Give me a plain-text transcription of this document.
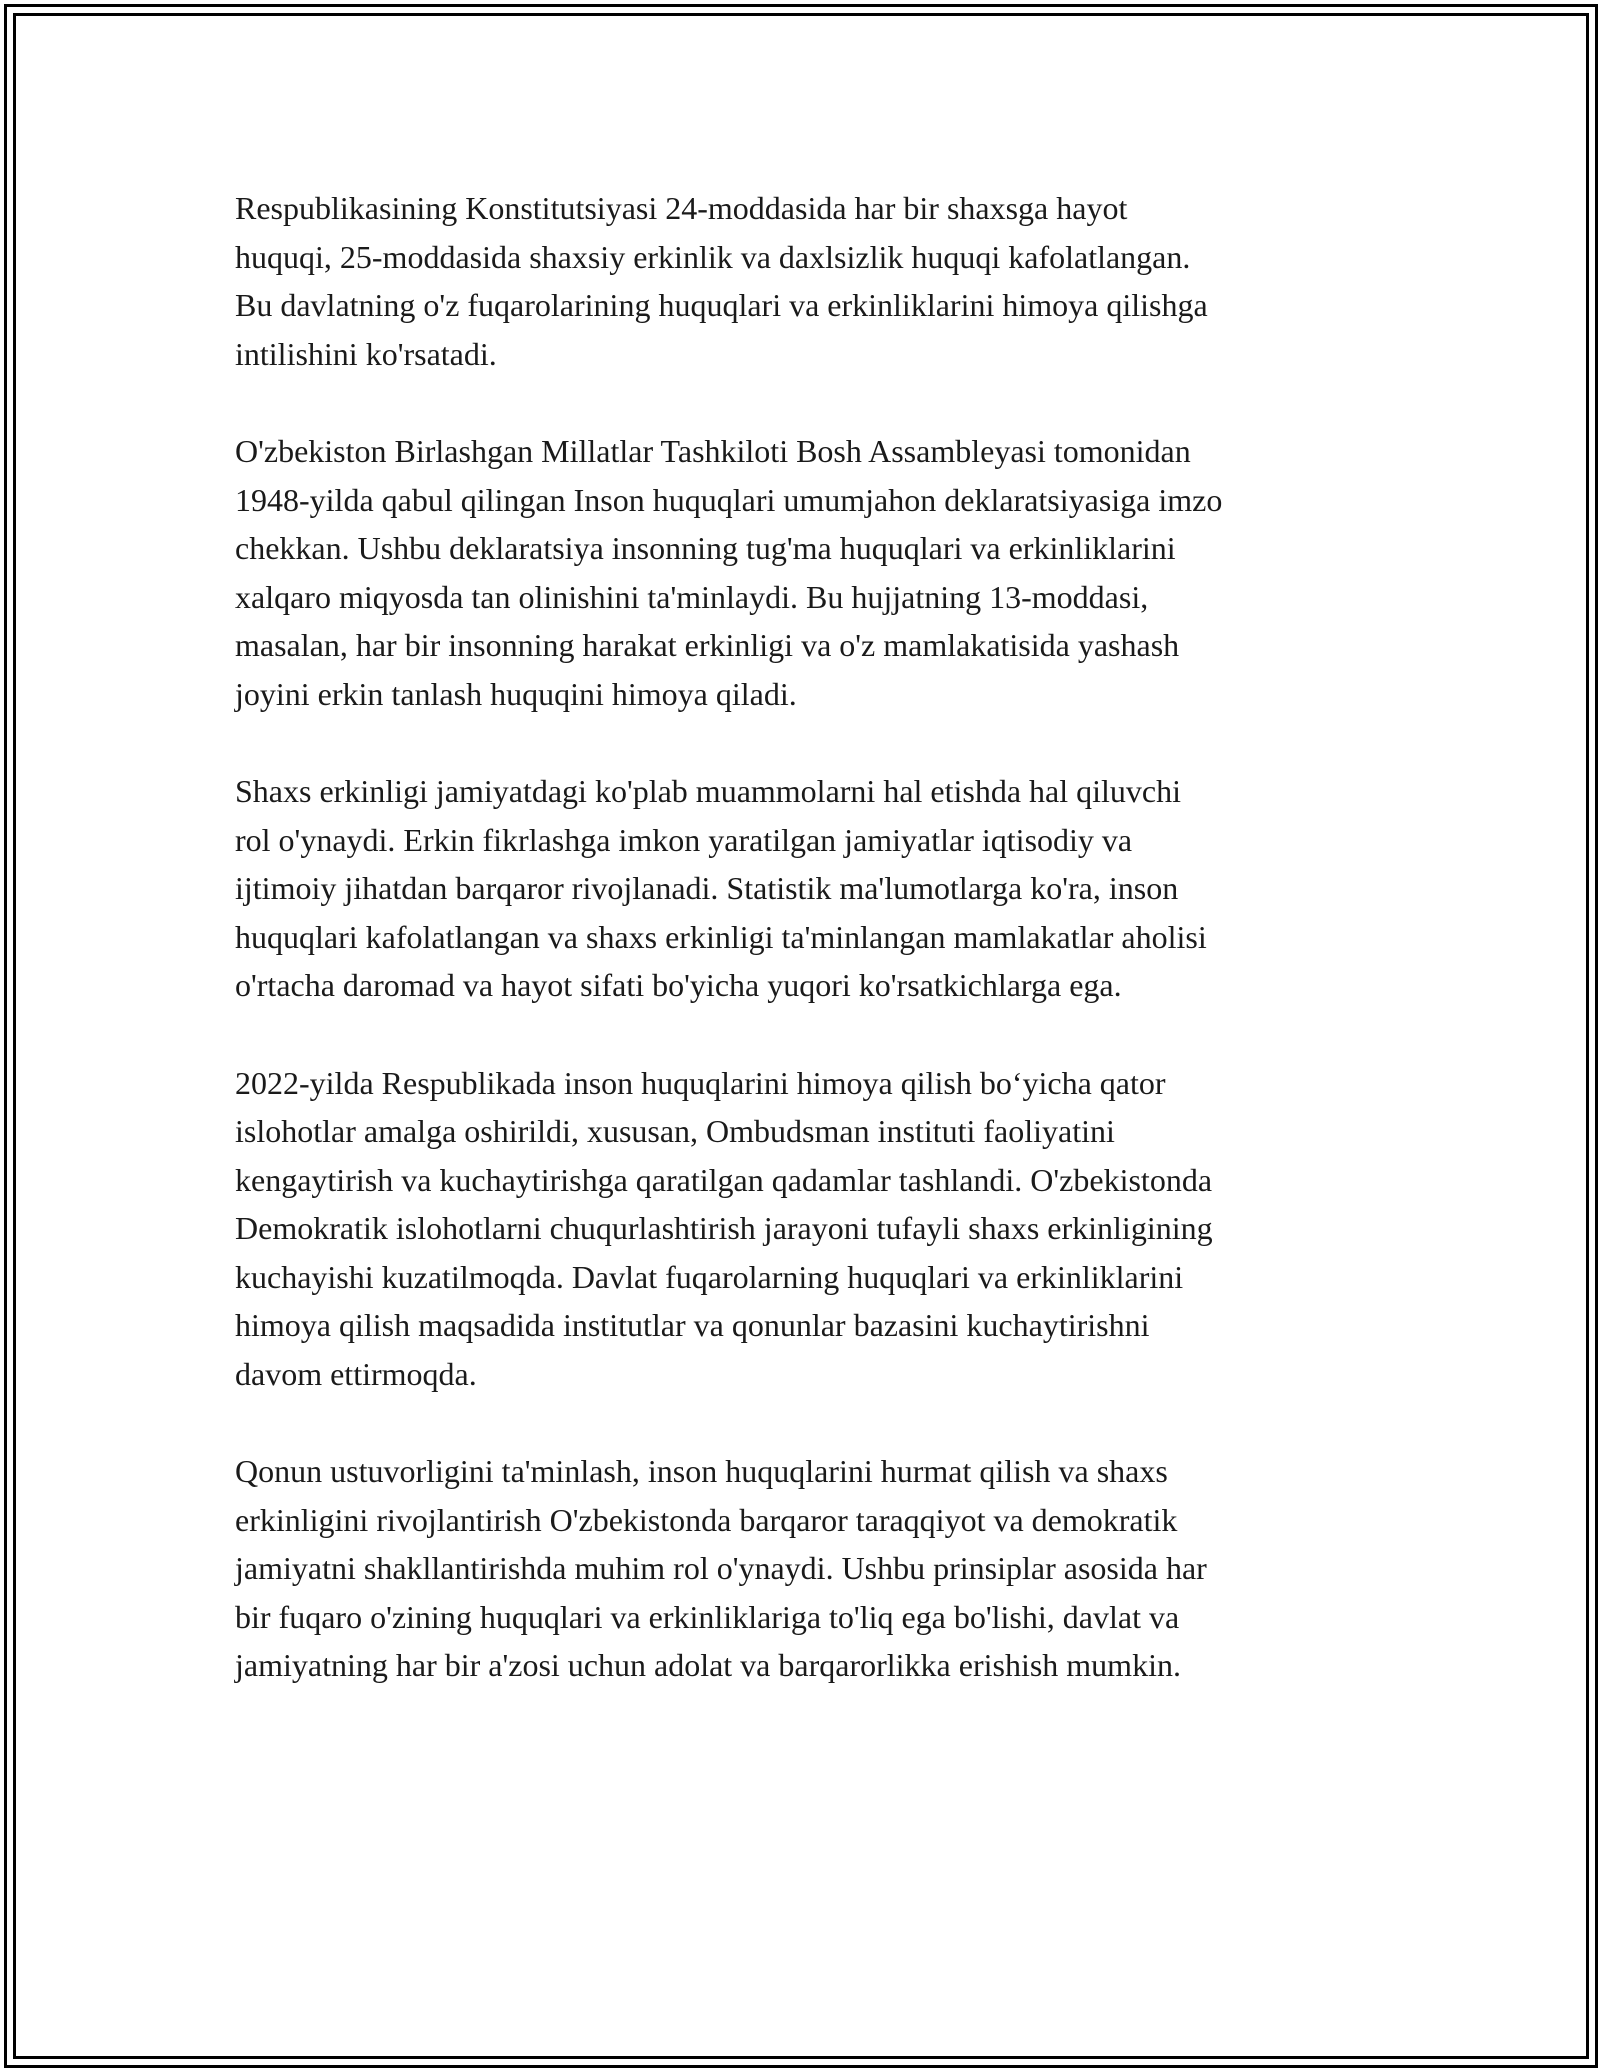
Respublikasining Konstitutsiyasi 24-moddasida har bir shaxsga hayot
huquqi, 25-moddasida shaxsiy erkinlik va daxlsizlik huquqi kafolatlangan.
Bu davlatning o'z fuqarolarining huquqlari va erkinliklarini himoya qilishga
intilishini ko'rsatadi.

O'zbekiston Birlashgan Millatlar Tashkiloti Bosh Assambleyasi tomonidan
1948-yilda qabul qilingan Inson huquqlari umumjahon deklaratsiyasiga imzo
chekkan. Ushbu deklaratsiya insonning tug'ma huquqlari va erkinliklarini
xalqaro miqyosda tan olinishini ta'minlaydi. Bu hujjatning 13-moddasi,
masalan, har bir insonning harakat erkinligi va o'z mamlakatisida yashash
joyini erkin tanlash huquqini himoya qiladi.

Shaxs erkinligi jamiyatdagi ko'plab muammolarni hal etishda hal qiluvchi
rol o'ynaydi. Erkin fikrlashga imkon yaratilgan jamiyatlar iqtisodiy va
ijtimoiy jihatdan barqaror rivojlanadi. Statistik ma'lumotlarga ko'ra, inson
huquqlari kafolatlangan va shaxs erkinligi ta'minlangan mamlakatlar aholisi
o'rtacha daromad va hayot sifati bo'yicha yuqori ko'rsatkichlarga ega.

2022-yilda Respublikada inson huquqlarini himoya qilish bo‘yicha qator
islohotlar amalga oshirildi, xususan, Ombudsman instituti faoliyatini
kengaytirish va kuchaytirishga qaratilgan qadamlar tashlandi. O'zbekistonda
Demokratik islohotlarni chuqurlashtirish jarayoni tufayli shaxs erkinligining
kuchayishi kuzatilmoqda. Davlat fuqarolarning huquqlari va erkinliklarini
himoya qilish maqsadida institutlar va qonunlar bazasini kuchaytirishni
davom ettirmoqda.

Qonun ustuvorligini ta'minlash, inson huquqlarini hurmat qilish va shaxs
erkinligini rivojlantirish O'zbekistonda barqaror taraqqiyot va demokratik
jamiyatni shakllantirishda muhim rol o'ynaydi. Ushbu prinsiplar asosida har
bir fuqaro o'zining huquqlari va erkinliklariga to'liq ega bo'lishi, davlat va
jamiyatning har bir a'zosi uchun adolat va barqarorlikka erishish mumkin.
